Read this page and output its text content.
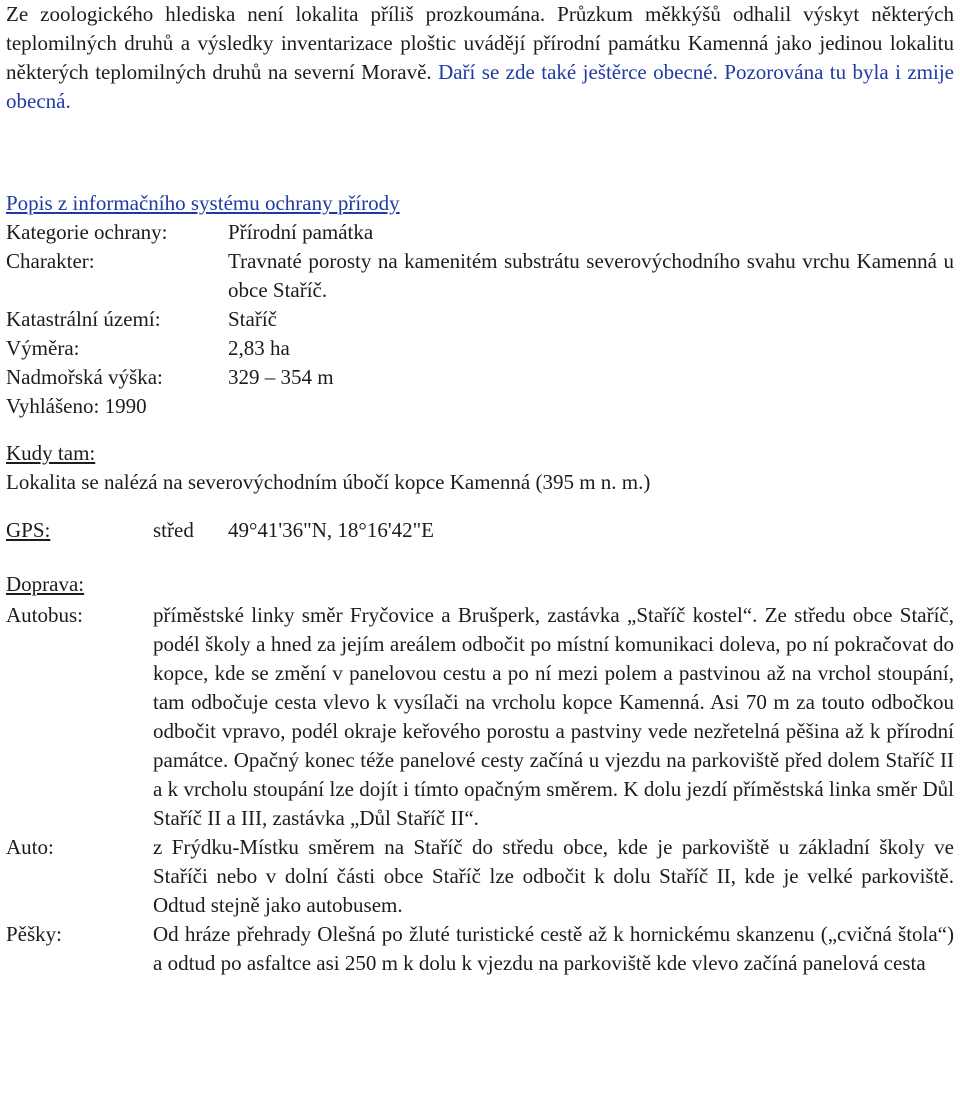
Ze zoologického hlediska není lokalita příliš prozkoumána. Průzkum měkkýšů odhalil výskyt některých teplomilných druhů a výsledky inventarizace ploštic uvádějí přírodní památku Kamenná jako jedinou lokalitu některých teplomilných druhů na severní Moravě. Daří se zde také ještěrce obecné. Pozorována tu byla i zmije obecná.

Popis z informačního systému ochrany přírody

Kategorie ochrany:	Přírodní památka
Charakter:	Travnaté porosty na kamenitém substrátu severovýchodního svahu vrchu Kamenná u obce Staříč.
Katastrální území:	Staříč
Výměra:	2,83 ha
Nadmořská výška:	329 – 354 m

Vyhlášeno: 1990

Kudy tam:

Lokalita se nalézá na severovýchodním úbočí kopce Kamenná (395 m n. m.)

GPS:	střed	49°41'36"N, 18°16'42"E

Doprava:

Autobus:	příměstské linky směr Fryčovice a Brušperk, zastávka „Staříč kostel“. Ze středu obce Staříč, podél školy a hned za jejím areálem odbočit po místní komunikaci doleva, po ní pokračovat do kopce, kde se změní v panelovou cestu a po ní mezi polem a pastvinou až na vrchol stoupání, tam odbočuje cesta vlevo k vysílači na vrcholu kopce Kamenná. Asi 70 m za touto odbočkou odbočit vpravo, podél okraje keřového porostu a pastviny vede nezřetelná pěšina až k přírodní památce. Opačný konec téže panelové cesty začíná u vjezdu na parkoviště před dolem Staříč II a k vrcholu stoupání lze dojít i tímto opačným směrem. K dolu jezdí příměstská linka směr Důl Staříč II a III, zastávka „Důl Staříč II“.
Auto:	z Frýdku-Místku směrem na Staříč do středu obce, kde je parkoviště u základní školy ve Staříči nebo v dolní části obce Staříč lze odbočit k dolu Staříč II, kde je velké parkoviště. Odtud stejně jako autobusem.
Pěšky:	Od hráze přehrady Olešná po žluté turistické cestě až k hornickému skanzenu („cvičná štola“) a odtud po asfaltce asi 250 m k dolu k vjezdu na parkoviště kde vlevo začíná panelová cesta
